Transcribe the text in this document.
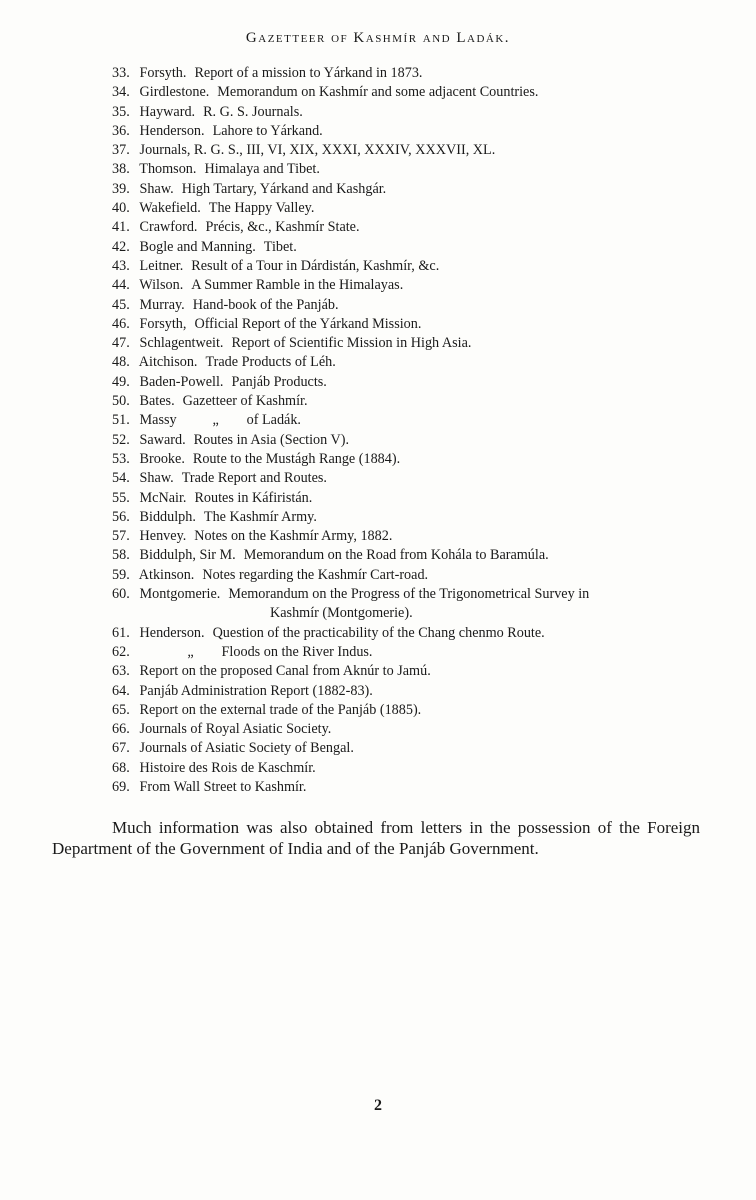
Gazetteer of Kashmír and Ladák.
33. Forsyth. Report of a mission to Yárkand in 1873.
34. Girdlestone. Memorandum on Kashmír and some adjacent Countries.
35. Hayward. R. G. S. Journals.
36. Henderson. Lahore to Yárkand.
37. Journals, R. G. S., III, VI, XIX, XXXI, XXXIV, XXXVII, XL.
38. Thomson. Himalaya and Tibet.
39. Shaw. High Tartary, Yárkand and Kashgár.
40. Wakefield. The Happy Valley.
41. Crawford. Précis, &c., Kashmír State.
42. Bogle and Manning. Tibet.
43. Leitner. Result of a Tour in Dárdistán, Kashmír, &c.
44. Wilson. A Summer Ramble in the Himalayas.
45. Murray. Hand-book of the Panjáb.
46. Forsyth, Official Report of the Yárkand Mission.
47. Schlagentweit. Report of Scientific Mission in High Asia.
48. Aitchison. Trade Products of Léh.
49. Baden-Powell. Panjáb Products.
50. Bates. Gazetteer of Kashmír.
51. Massy	„ of Ladák.
52. Saward. Routes in Asia (Section V).
53. Brooke. Route to the Mustágh Range (1884).
54. Shaw. Trade Report and Routes.
55. McNair. Routes in Káfiristán.
56. Biddulph. The Kashmír Army.
57. Henvey. Notes on the Kashmír Army, 1882.
58. Biddulph, Sir M. Memorandum on the Road from Kohála to Baramúla.
59. Atkinson. Notes regarding the Kashmír Cart-road.
60. Montgomerie. Memorandum on the Progress of the Trigonometrical Survey in
Kashmír (Montgomerie).
61. Henderson. Question of the practicability of the Chang chenmo Route.
62.	„ Floods on the River Indus.
63. Report on the proposed Canal from Aknúr to Jamú.
64. Panjáb Administration Report (1882-83).
65. Report on the external trade of the Panjáb (1885).
66. Journals of Royal Asiatic Society.
67. Journals of Asiatic Society of Bengal.
68. Histoire des Rois de Kaschmír.
69. From Wall Street to Kashmír.

Much information was also obtained from letters in the possession of the Foreign Department of the Government of India and of the Panjáb Government.

2
